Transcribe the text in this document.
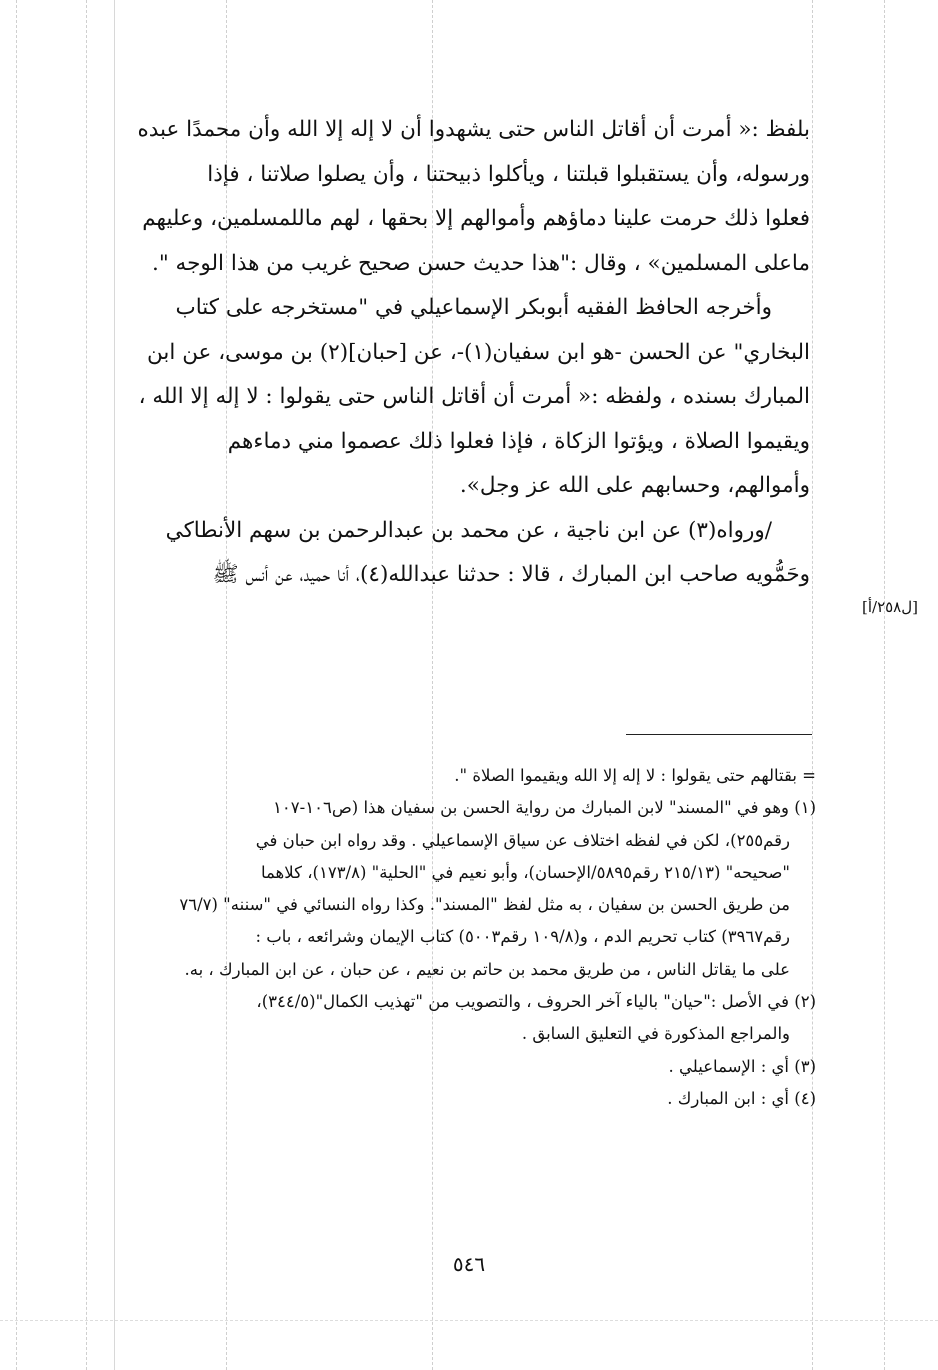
بلفظ :« أمرت أن أقاتل الناس حتى يشهدوا أن لا إله إلا الله وأن محمدًا عبده
ورسوله، وأن يستقبلوا قبلتنا ، ويأكلوا ذبيحتنا ، وأن يصلوا صلاتنا ، فإذا
فعلوا ذلك حرمت علينا دماؤهم وأموالهم إلا بحقها ، لهم ماللمسلمين، وعليهم
ماعلى المسلمين» ، وقال :"هذا حديث حسن صحيح غريب من هذا الوجه ".
وأخرجه الحافظ الفقيه أبوبكر الإسماعيلي في "مستخرجه على كتاب
البخاري" عن الحسن -هو ابن سفيان(١)-، عن [حبان](٢) بن موسى، عن ابن
المبارك بسنده ، ولفظه :« أمرت أن أقاتل الناس حتى يقولوا : لا إله إلا الله ،
ويقيموا الصلاة ، ويؤتوا الزكاة ، فإذا فعلوا ذلك عصموا مني دماءهم
وأموالهم، وحسابهم على الله عز وجل».
/ورواه(٣) عن ابن ناجية ، عن محمد بن عبدالرحمن بن سهم الأنطاكي
وحَمُّويه صاحب ابن المبارك ، قالا : حدثنا عبدالله(٤)، أنا حميد، عن أنس ﷺ
[ل٢٥٨/أ]
= بقتالهم حتى يقولوا : لا إله إلا الله ويقيموا الصلاة ".
(١) وهو في "المسند" لابن المبارك من رواية الحسن بن سفيان هذا (ص١٠٦-١٠٧
رقم٢٥٥)، لكن في لفظه اختلاف عن سياق الإسماعيلي . وقد رواه ابن حبان في
"صحيحه" (٢١٥/١٣ رقم٥٨٩٥/الإحسان)، وأبو نعيم في "الحلية" (١٧٣/٨)، كلاهما
من طريق الحسن بن سفيان ، به مثل لفظ "المسند". وكذا رواه النسائي في "سننه" (٧٦/٧
رقم٣٩٦٧) كتاب تحريم الدم ، و(١٠٩/٨ رقم٥٠٠٣) كتاب الإيمان وشرائعه ، باب :
على ما يقاتل الناس ، من طريق محمد بن حاتم بن نعيم ، عن حبان ، عن ابن المبارك ، به.
(٢) في الأصل :"حيان" بالياء آخر الحروف ، والتصويب من "تهذيب الكمال"(٣٤٤/٥)،
والمراجع المذكورة في التعليق السابق .
(٣) أي : الإسماعيلي .
(٤) أي : ابن المبارك .
٥٤٦
